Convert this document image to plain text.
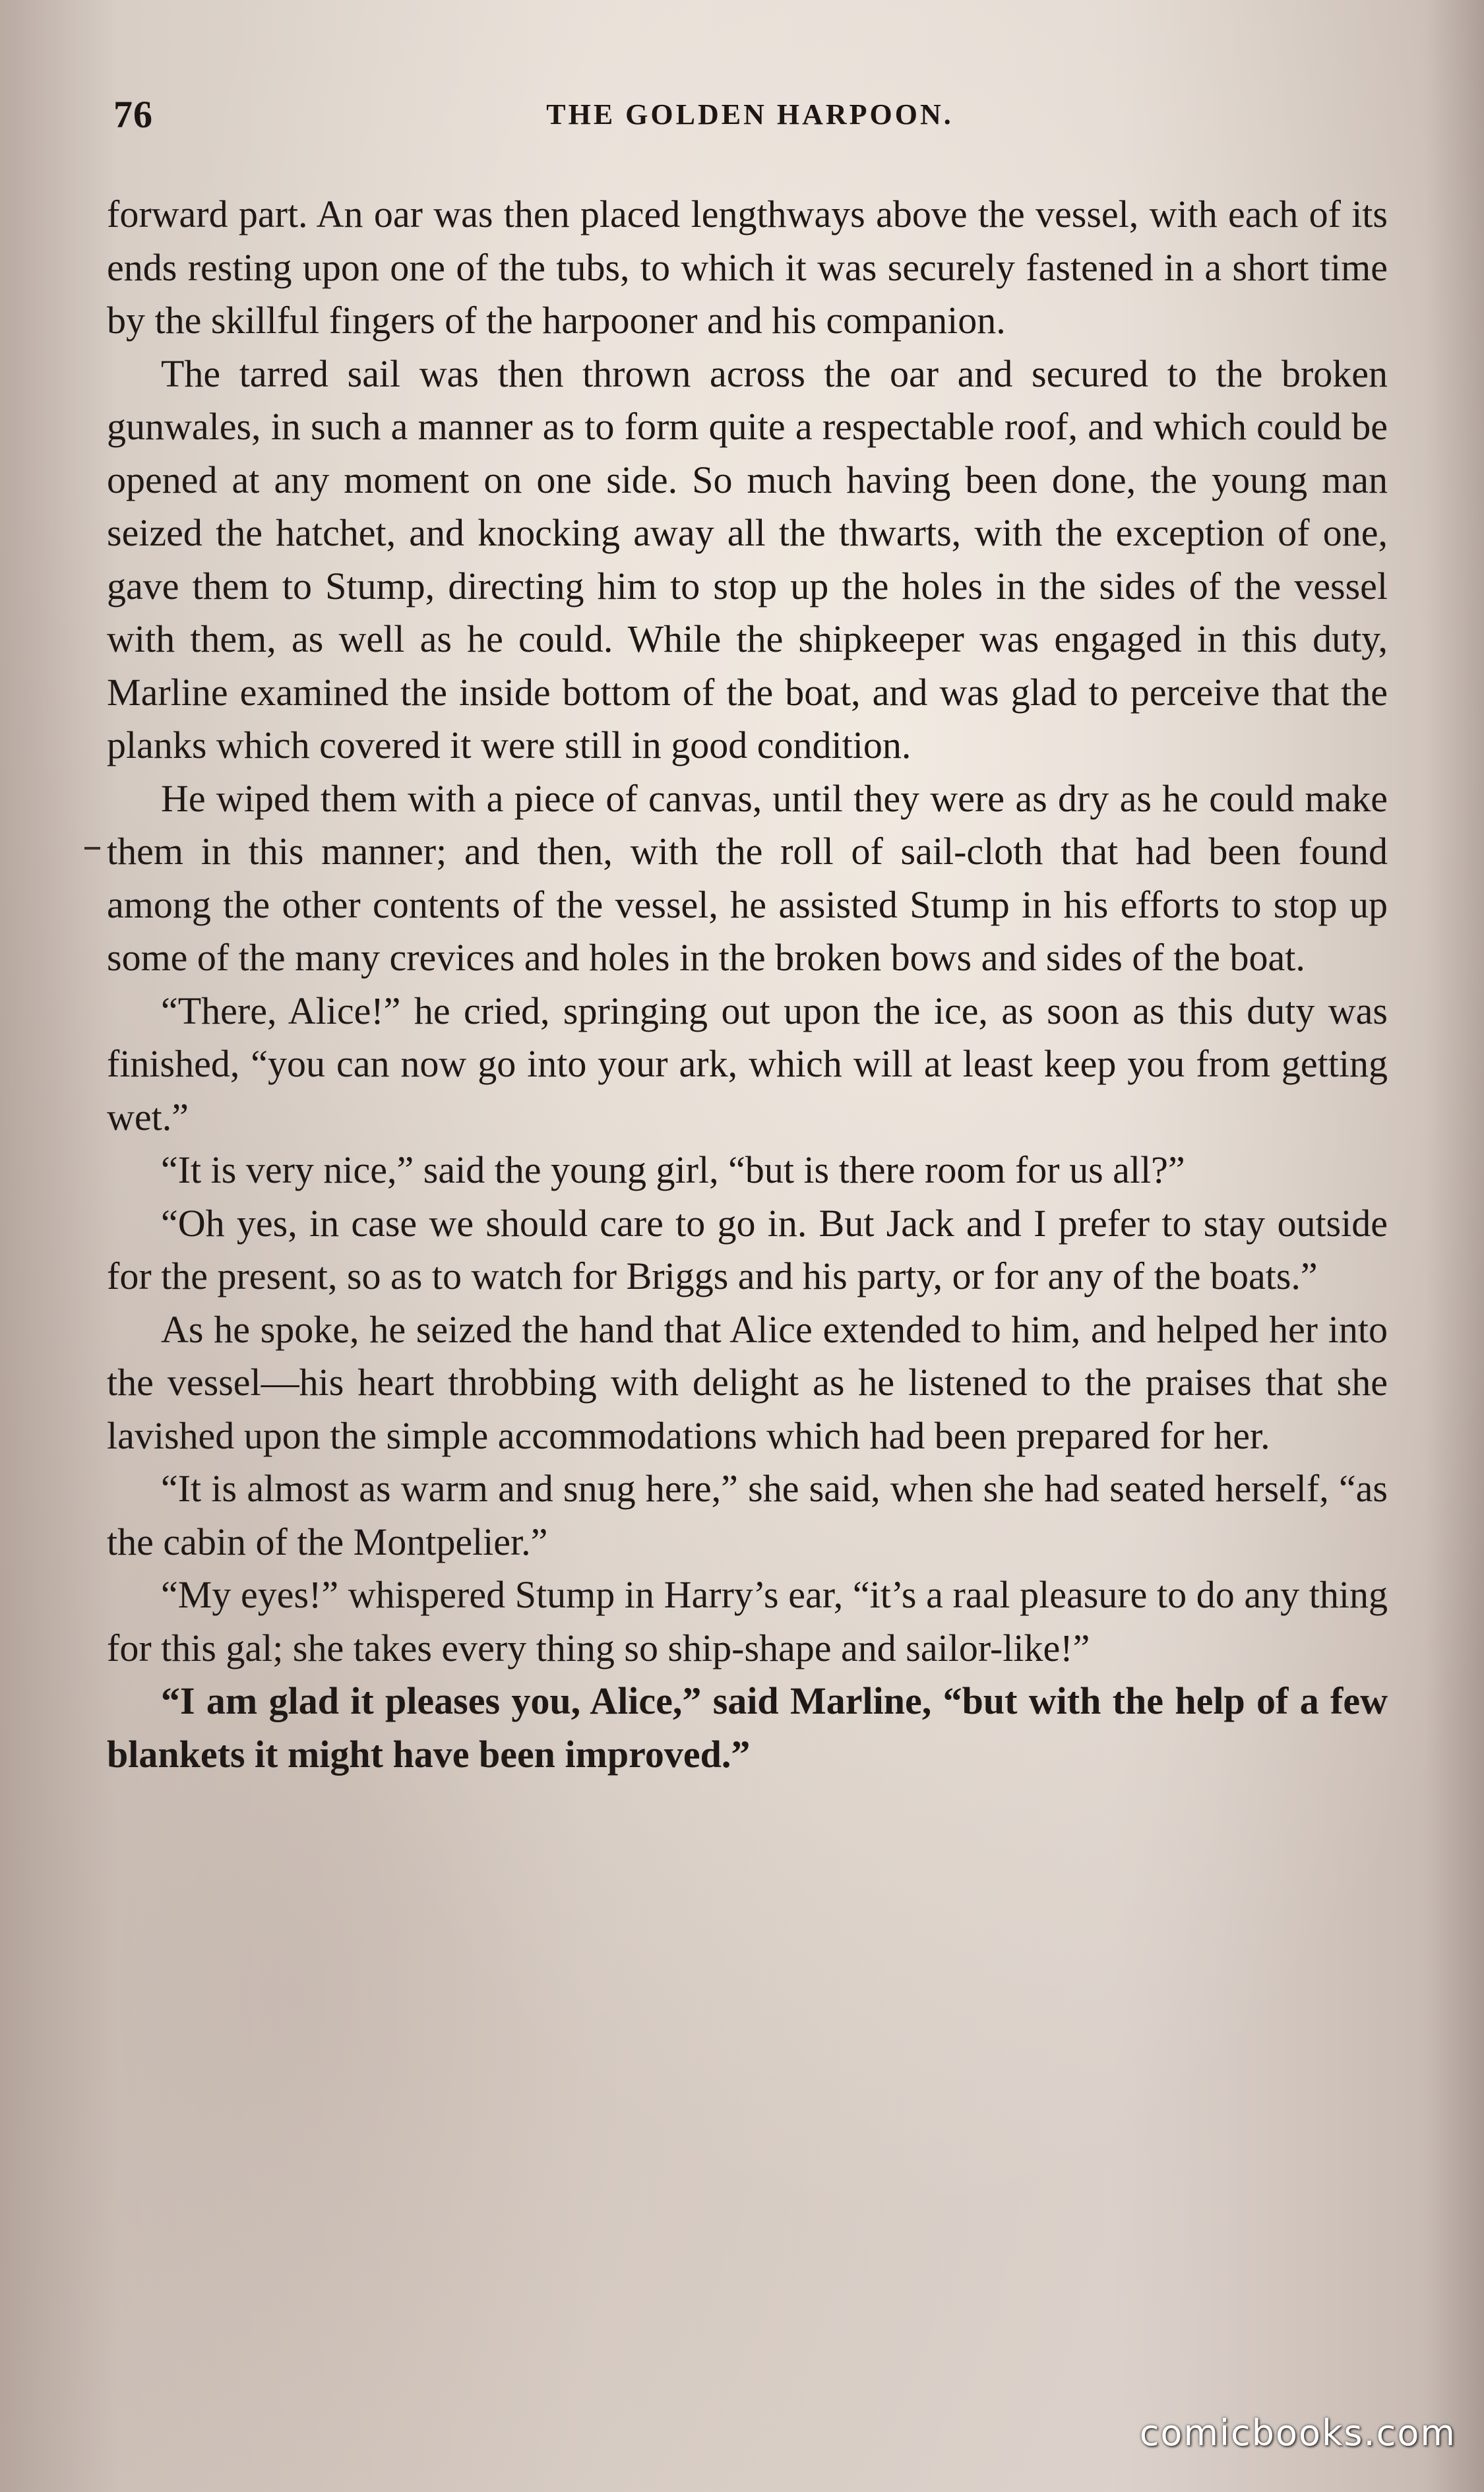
76	THE GOLDEN HARPOON.

forward part. An oar was then placed lengthways above the vessel, with each of its ends resting upon one of the tubs, to which it was securely fastened in a short time by the skillful fingers of the harpooner and his companion.

The tarred sail was then thrown across the oar and secured to the broken gunwales, in such a manner as to form quite a respectable roof, and which could be opened at any moment on one side. So much having been done, the young man seized the hatchet, and knocking away all the thwarts, with the exception of one, gave them to Stump, directing him to stop up the holes in the sides of the vessel with them, as well as he could. While the shipkeeper was engaged in this duty, Marline examined the inside bottom of the boat, and was glad to perceive that the planks which covered it were still in good condition.

He wiped them with a piece of canvas, until they were as dry as he could make them in this manner; and then, with the roll of sail-cloth that had been found among the other contents of the vessel, he assisted Stump in his efforts to stop up some of the many crevices and holes in the broken bows and sides of the boat.

“There, Alice!” he cried, springing out upon the ice, as soon as this duty was finished, “you can now go into your ark, which will at least keep you from getting wet.”

“It is very nice,” said the young girl, “but is there room for us all?”

“Oh yes, in case we should care to go in. But Jack and I prefer to stay outside for the present, so as to watch for Briggs and his party, or for any of the boats.”

As he spoke, he seized the hand that Alice extended to him, and helped her into the vessel—his heart throbbing with delight as he listened to the praises that she lavished upon the simple accommodations which had been prepared for her.

“It is almost as warm and snug here,” she said, when she had seated herself, “as the cabin of the Montpelier.”

“My eyes!” whispered Stump in Harry’s ear, “it’s a raal pleasure to do any thing for this gal; she takes every thing so ship-shape and sailor-like!”

“I am glad it pleases you, Alice,” said Marline, “but with the help of a few blankets it might have been improved.”

comicbooks.com
